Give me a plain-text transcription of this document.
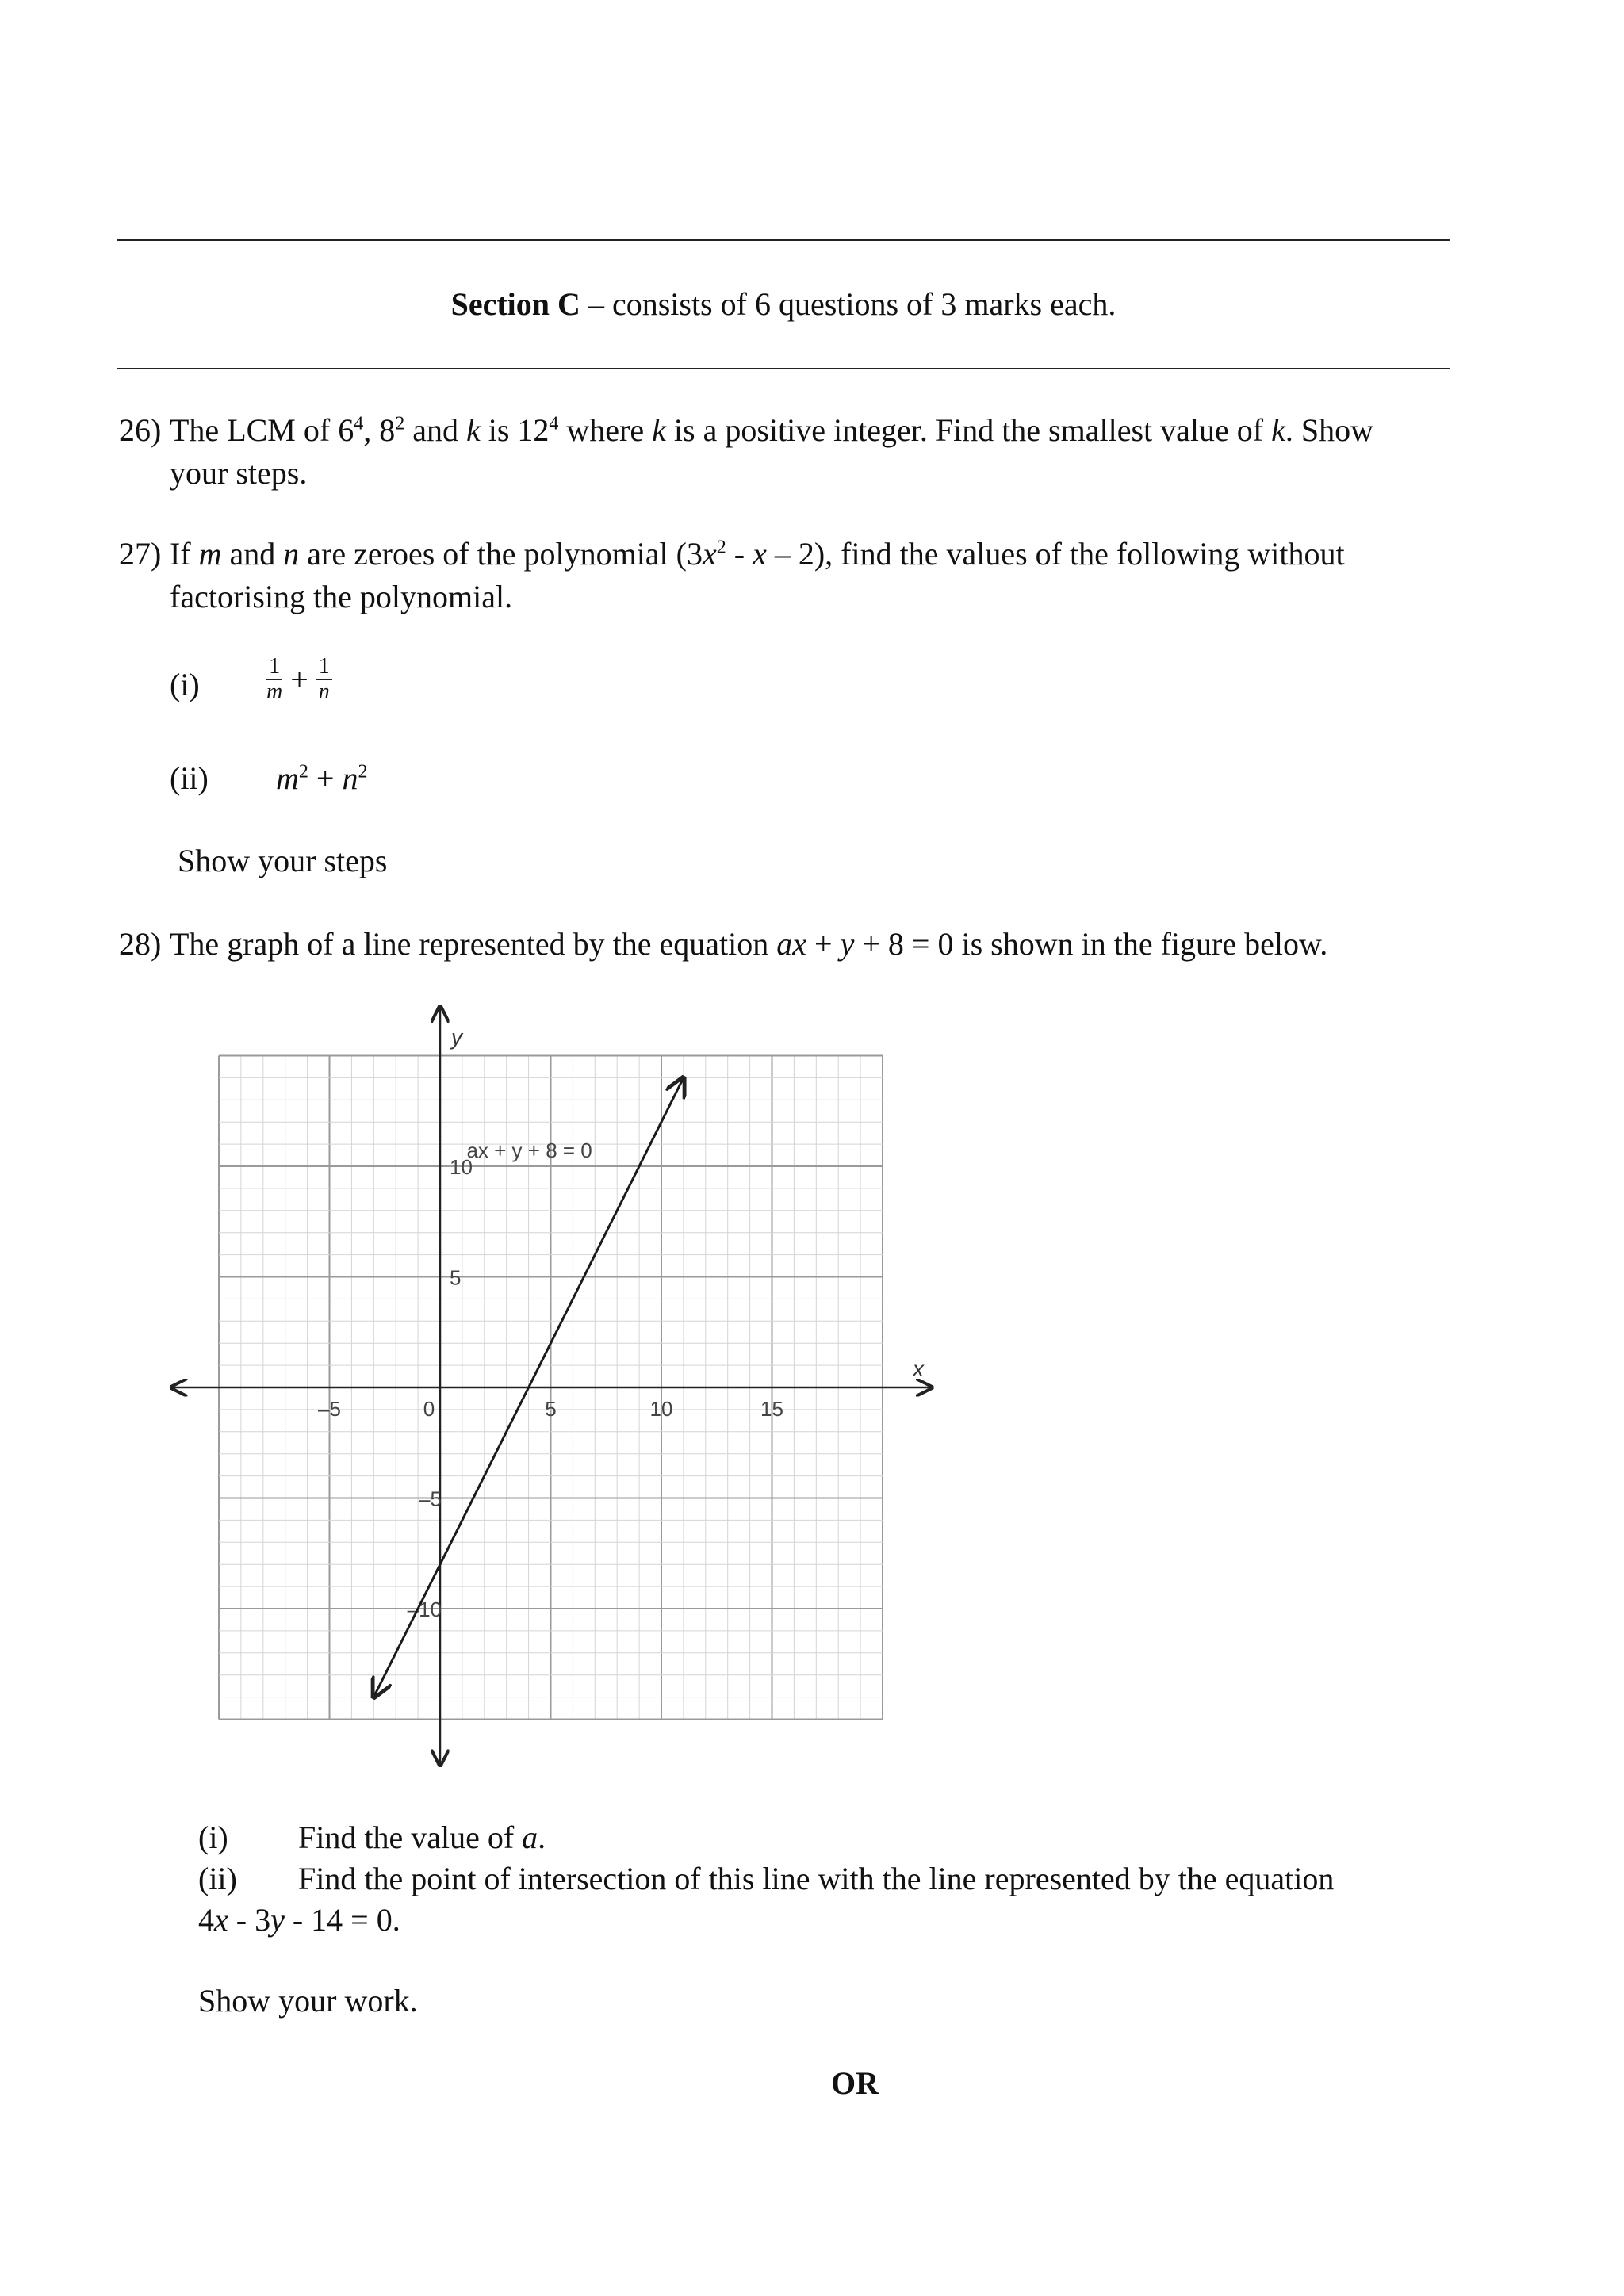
Section C – consists of 6 questions of 3 marks each.
26) The LCM of $6^4$, $8^2$ and k is $12^4$ where k is a positive integer. Find the smallest value of k. Show your steps.
27) If m and n are zeroes of the polynomial ($3x^2$ - x – 2), find the values of the following without factorising the polynomial.
(i)	$\frac{1}{m} + \frac{1}{n}$
(ii) $m^2 + n^2$
Show your steps
28) The graph of a line represented by the equation ax + y + 8 = 0 is shown in the figure below.
–5	0	5	10	15
10
5
–5
–10
ax + y + 8 = 0
x
y
(i) Find the value of a.
(ii) Find the point of intersection of this line with the line represented by the equation
4x - 3y - 14 = 0.
Show your work.
OR
